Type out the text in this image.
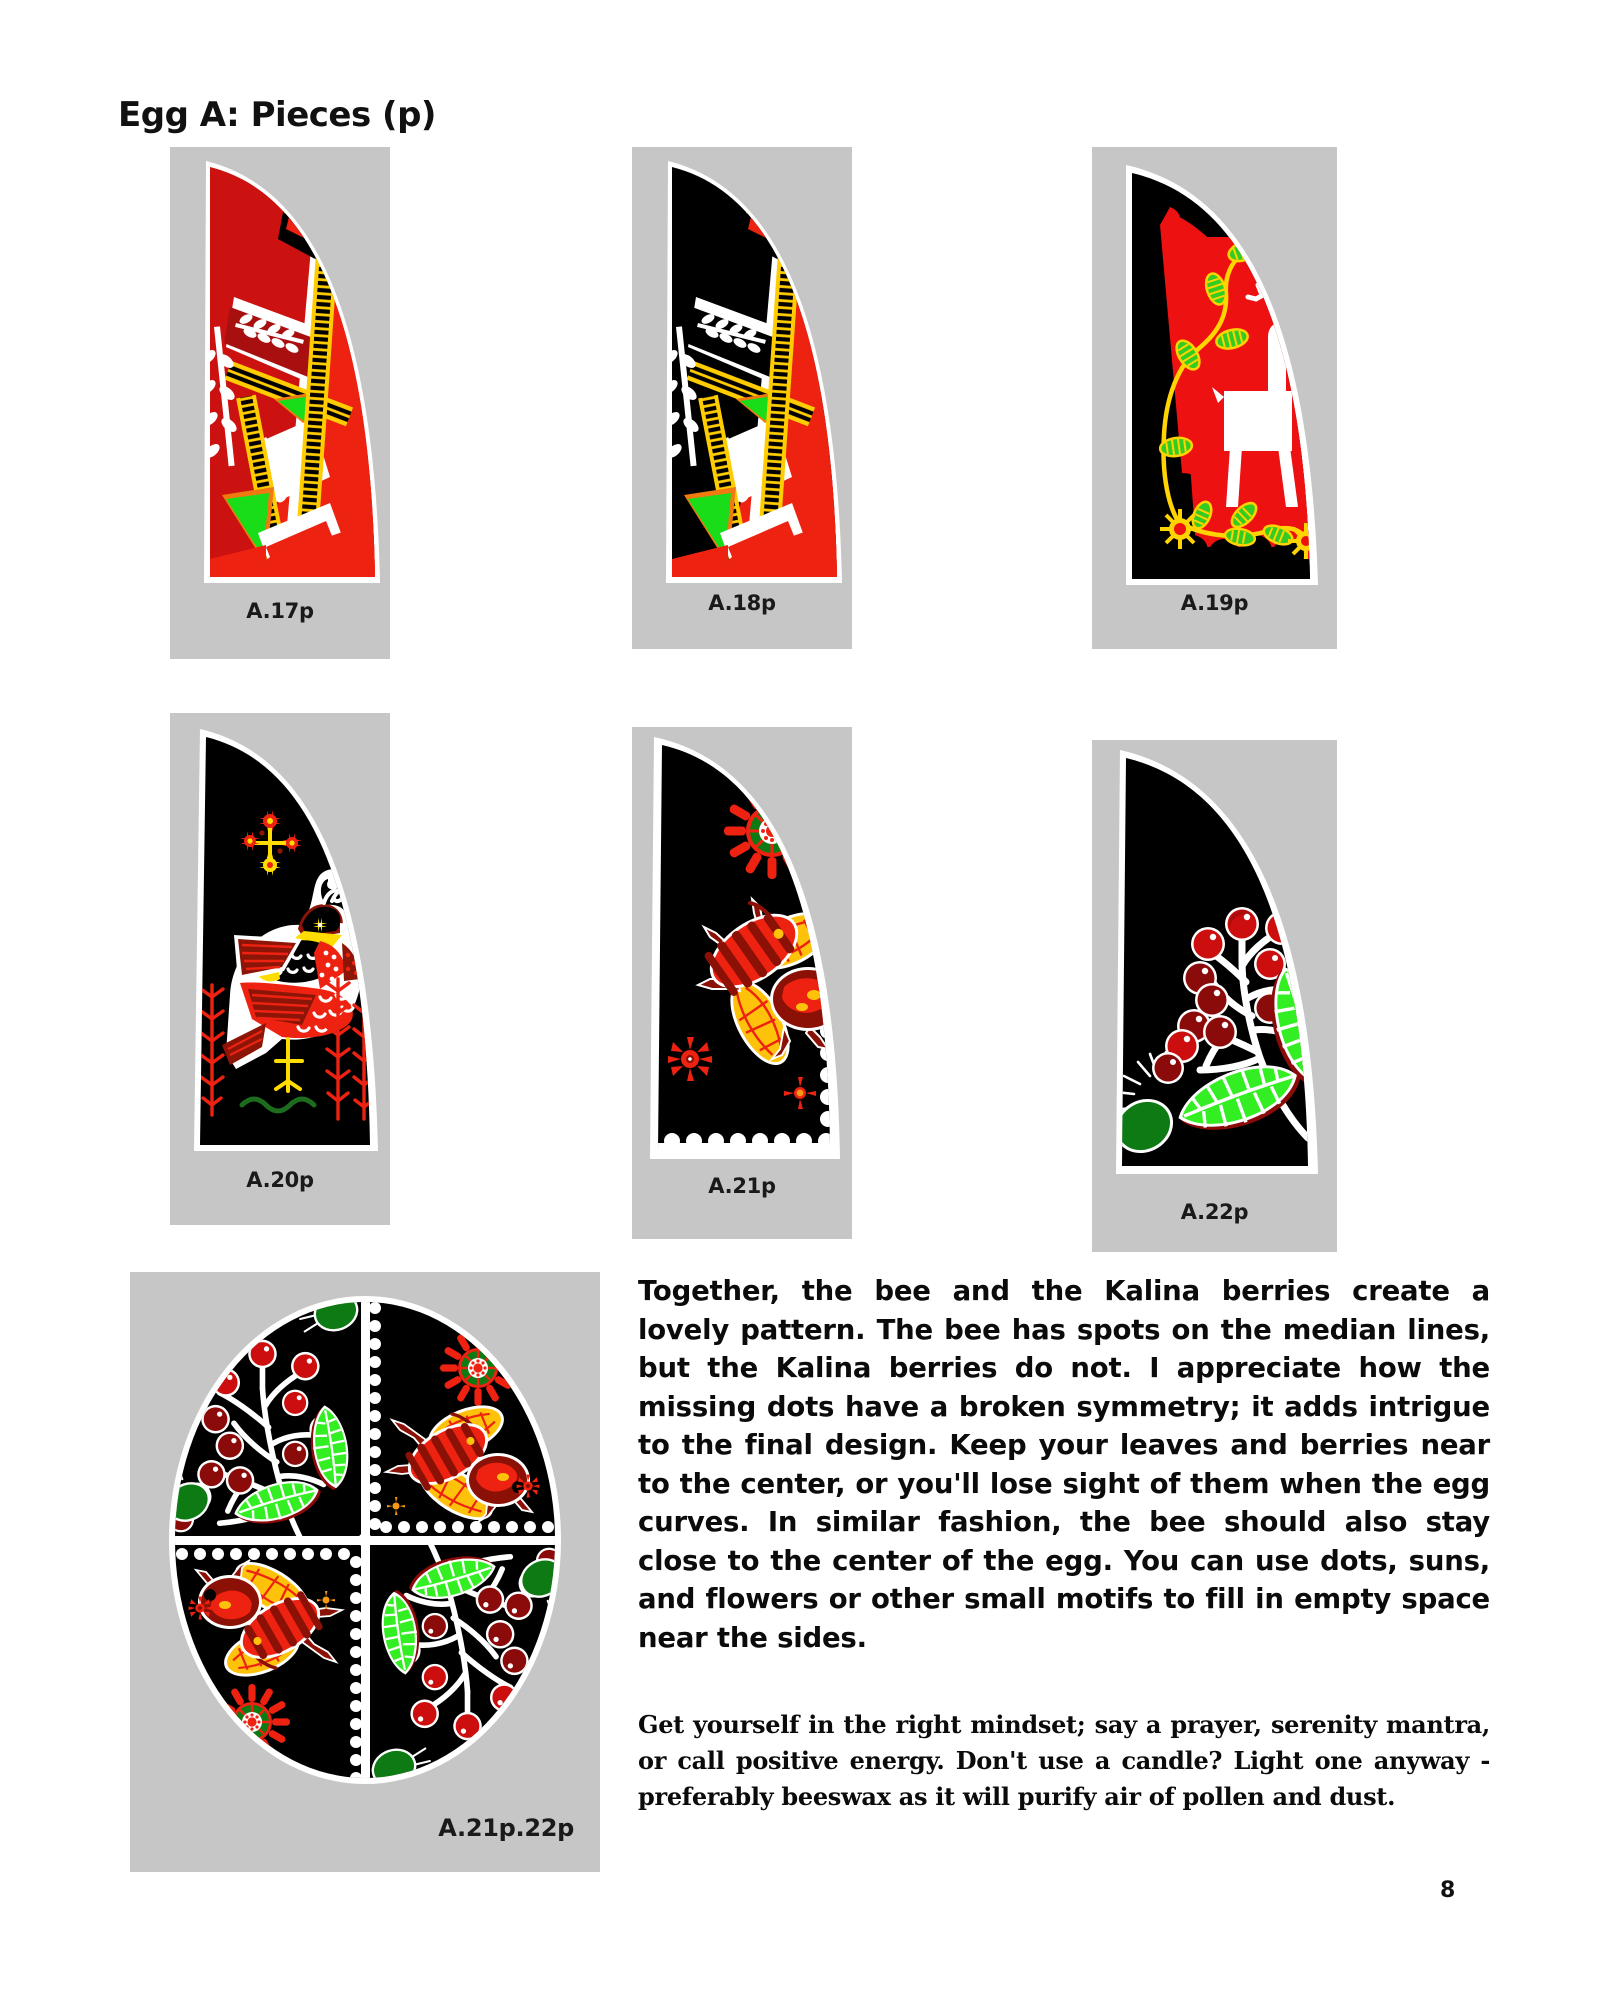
Egg A: Pieces (p)
A.17p	A.18p	A.19p
A.20p	A.21p
A.22p
A.21p.22p
Together, the bee and the Kalina berries create a lovely pattern. The bee has spots on the median lines, but the Kalina berries do not. I appreciate how the missing dots have a broken symmetry; it adds intrigue to the final design. Keep your leaves and berries near to the center, or you'll lose sight of them when the egg curves. In similar fashion, the bee should also stay close to the center of the egg. You can use dots, suns, and flowers or other small motifs to fill in empty space near the sides.
Get yourself in the right mindset; say a prayer, serenity mantra, or call positive energy. Don't use a candle? Light one anyway - preferably beeswax as it will purify air of pollen and dust.
8
